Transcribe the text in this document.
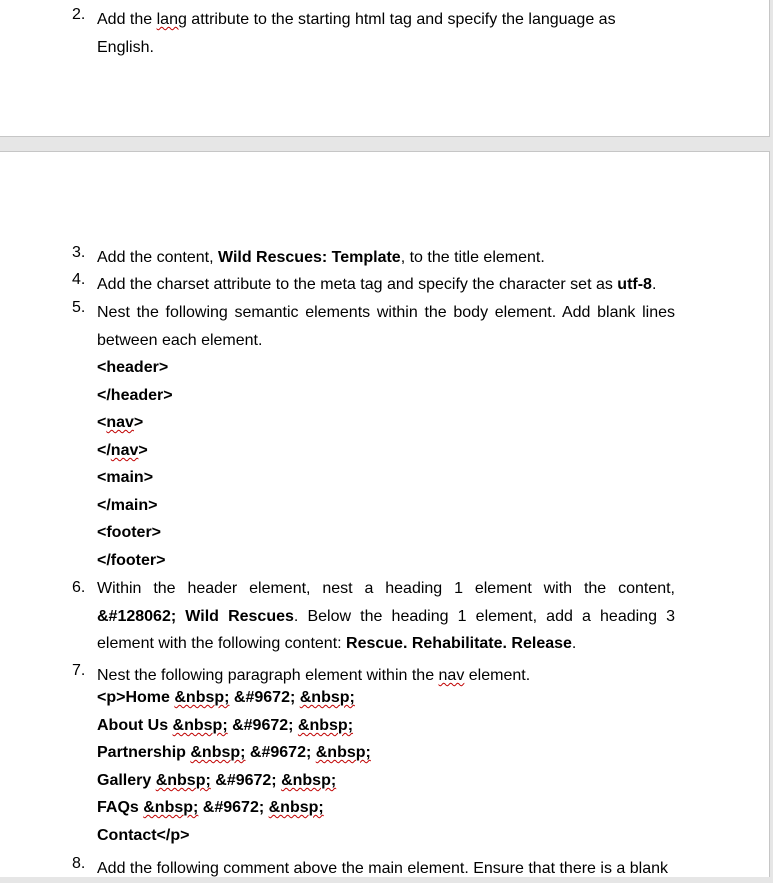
2. Add the lang attribute to the starting html tag and specify the language as English.
3. Add the content, Wild Rescues: Template, to the title element.
4. Add the charset attribute to the meta tag and specify the character set as utf-8.
5. Nest the following semantic elements within the body element. Add blank lines between each element.
<header>
</header>
<nav>
</nav>
<main>
</main>
<footer>
</footer>
6. Within the header element, nest a heading 1 element with the content, &#128062; Wild Rescues. Below the heading 1 element, add a heading 3 element with the following content: Rescue. Rehabilitate. Release.
7. Nest the following paragraph element within the nav element.
<p>Home &nbsp; &#9672; &nbsp;
About Us &nbsp; &#9672; &nbsp;
Partnership &nbsp; &#9672; &nbsp;
Gallery &nbsp; &#9672; &nbsp;
FAQs &nbsp; &#9672; &nbsp;
Contact</p>
8. Add the following comment above the main element. Ensure that there is a blank
